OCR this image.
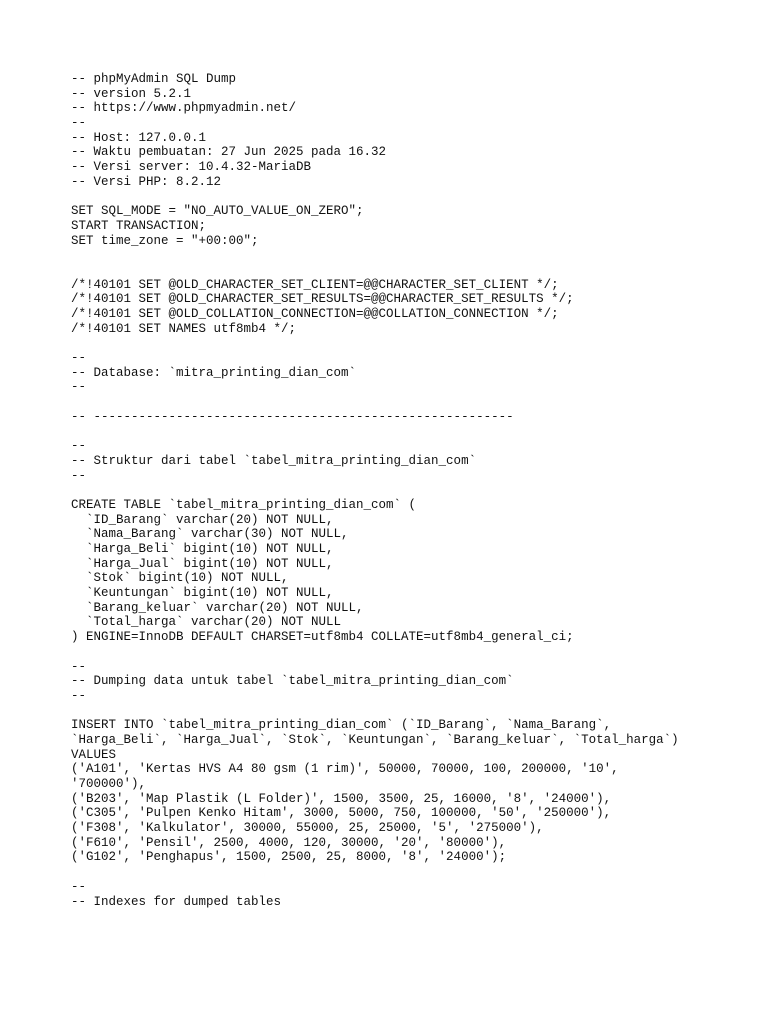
-- phpMyAdmin SQL Dump
-- version 5.2.1
-- https://www.phpmyadmin.net/
--
-- Host: 127.0.0.1
-- Waktu pembuatan: 27 Jun 2025 pada 16.32
-- Versi server: 10.4.32-MariaDB
-- Versi PHP: 8.2.12
SET SQL_MODE = "NO_AUTO_VALUE_ON_ZERO";
START TRANSACTION;
SET time_zone = "+00:00";
/*!40101 SET @OLD_CHARACTER_SET_CLIENT=@@CHARACTER_SET_CLIENT */;
/*!40101 SET @OLD_CHARACTER_SET_RESULTS=@@CHARACTER_SET_RESULTS */;
/*!40101 SET @OLD_COLLATION_CONNECTION=@@COLLATION_CONNECTION */;
/*!40101 SET NAMES utf8mb4 */;
--
-- Database: `mitra_printing_dian_com`
--
-- --------------------------------------------------------
--
-- Struktur dari tabel `tabel_mitra_printing_dian_com`
--
CREATE TABLE `tabel_mitra_printing_dian_com` (
`ID_Barang` varchar(20) NOT NULL,
`Nama_Barang` varchar(30) NOT NULL,
`Harga_Beli` bigint(10) NOT NULL,
`Harga_Jual` bigint(10) NOT NULL,
`Stok` bigint(10) NOT NULL,
`Keuntungan` bigint(10) NOT NULL,
`Barang_keluar` varchar(20) NOT NULL,
`Total_harga` varchar(20) NOT NULL
) ENGINE=InnoDB DEFAULT CHARSET=utf8mb4 COLLATE=utf8mb4_general_ci;
--
-- Dumping data untuk tabel `tabel_mitra_printing_dian_com`
--
INSERT INTO `tabel_mitra_printing_dian_com` (`ID_Barang`, `Nama_Barang`,
`Harga_Beli`, `Harga_Jual`, `Stok`, `Keuntungan`, `Barang_keluar`, `Total_harga`)
VALUES
('A101', 'Kertas HVS A4 80 gsm (1 rim)', 50000, 70000, 100, 200000, '10',
'700000'),
('B203', 'Map Plastik (L Folder)', 1500, 3500, 25, 16000, '8', '24000'),
('C305', 'Pulpen Kenko Hitam', 3000, 5000, 750, 100000, '50', '250000'),
('F308', 'Kalkulator', 30000, 55000, 25, 25000, '5', '275000'),
('F610', 'Pensil', 2500, 4000, 120, 30000, '20', '80000'),
('G102', 'Penghapus', 1500, 2500, 25, 8000, '8', '24000');
--
-- Indexes for dumped tables
